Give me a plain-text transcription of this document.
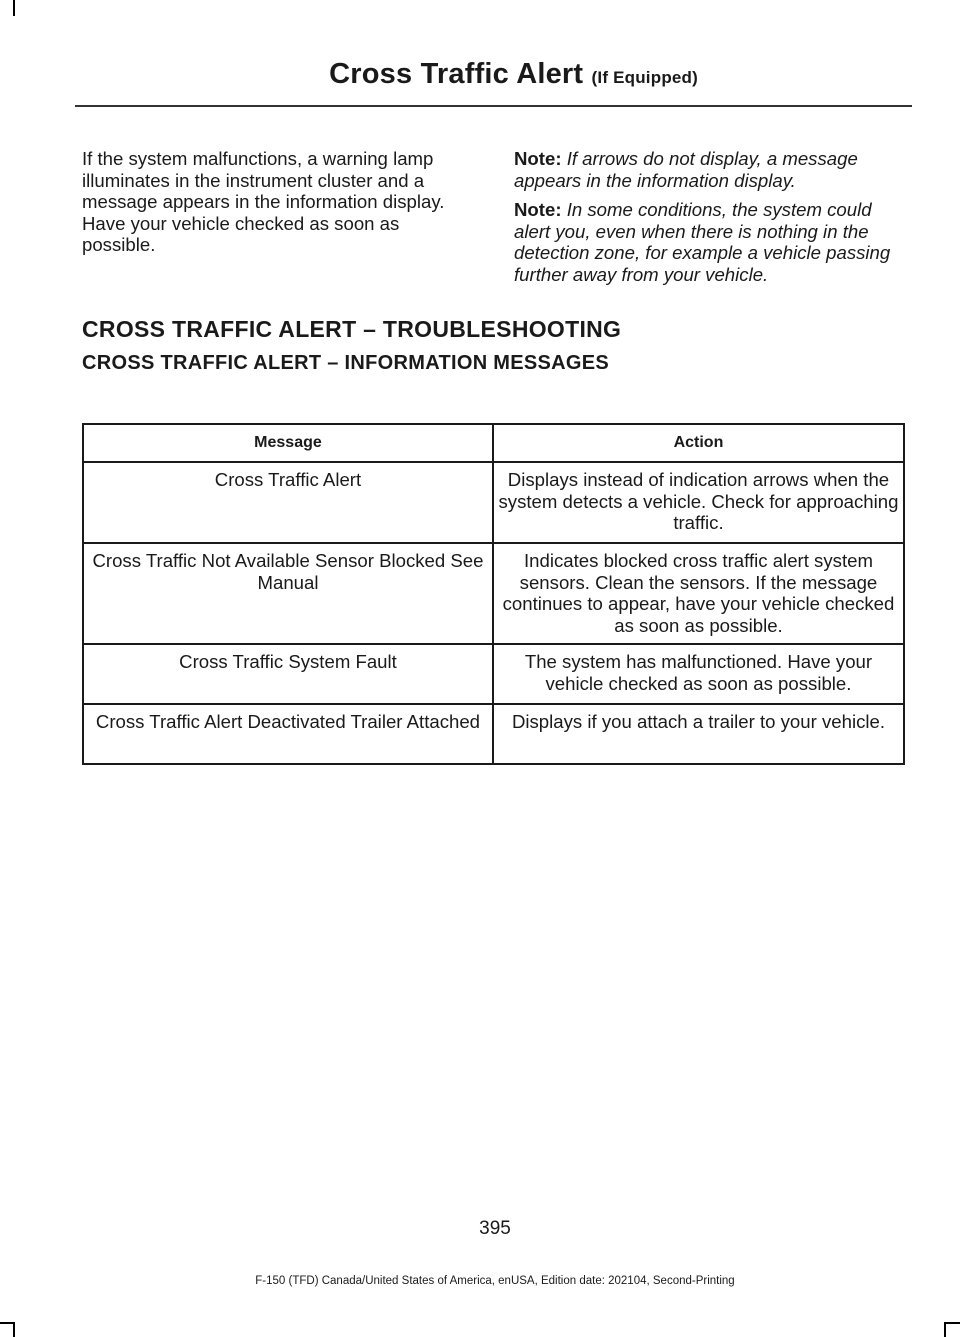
Cross Traffic Alert (If Equipped)

If the system malfunctions, a warning lamp illuminates in the instrument cluster and a message appears in the information display. Have your vehicle checked as soon as possible.

Note: If arrows do not display, a message appears in the information display.

Note: In some conditions, the system could alert you, even when there is nothing in the detection zone, for example a vehicle passing further away from your vehicle.

CROSS TRAFFIC ALERT – TROUBLESHOOTING
CROSS TRAFFIC ALERT – INFORMATION MESSAGES
Message	Action
Cross Traffic Alert	Displays instead of indication arrows when the system detects a vehicle. Check for approaching traffic.
Cross Traffic Not Available Sensor Blocked See Manual	Indicates blocked cross traffic alert system sensors. Clean the sensors. If the message continues to appear, have your vehicle checked as soon as possible.
Cross Traffic System Fault	The system has malfunctioned. Have your vehicle checked as soon as possible.
Cross Traffic Alert Deactivated Trailer Attached	Displays if you attach a trailer to your vehicle.
395
F-150 (TFD) Canada/United States of America, enUSA, Edition date: 202104, Second-Printing
